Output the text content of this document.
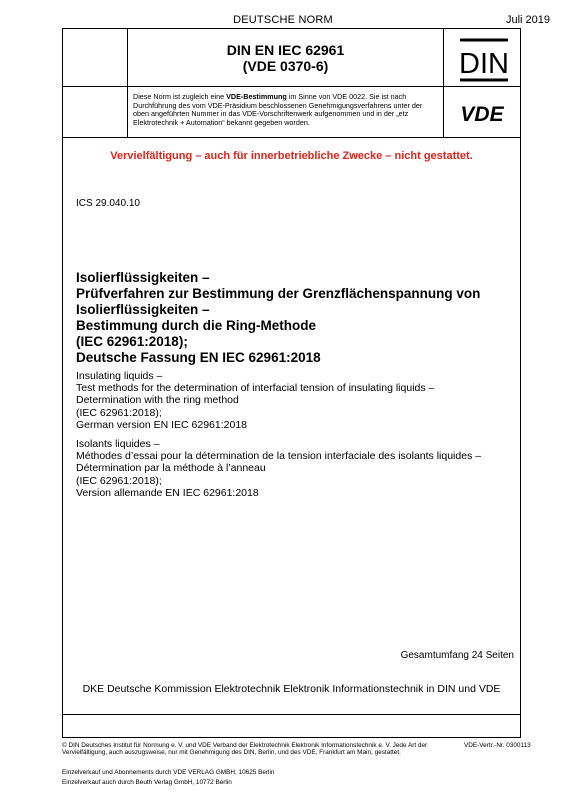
DEUTSCHE NORM	Juli 2019
DIN EN IEC 62961
(VDE 0370-6)	DIN
VDE
Diese Norm ist zugleich eine VDE-Bestimmung im Sinne von VDE 0022. Sie ist nach Durchführung des vom VDE-Präsidium beschlossenen Genehmigungsverfahrens unter der oben angeführten Nummer in das VDE-Vorschriftenwerk aufgenommen und in der „etz Elektrotechnik + Automation“ bekannt gegeben worden.
Vervielfältigung – auch für innerbetriebliche Zwecke – nicht gestattet.
ICS 29.040.10
Isolierflüssigkeiten –
Prüfverfahren zur Bestimmung der Grenzflächenspannung von
Isolierflüssigkeiten –
Bestimmung durch die Ring-Methode
(IEC 62961:2018);
Deutsche Fassung EN IEC 62961:2018
Insulating liquids –
Test methods for the determination of interfacial tension of insulating liquids –
Determination with the ring method
(IEC 62961:2018);
German version EN IEC 62961:2018
Isolants liquides –
Méthodes d’essai pour la détermination de la tension interfaciale des isolants liquides –
Détermination par la méthode à l’anneau
(IEC 62961:2018);
Version allemande EN IEC 62961:2018
Gesamtumfang 24 Seiten
DKE Deutsche Kommission Elektrotechnik Elektronik Informationstechnik in DIN und VDE
© DIN Deutsches Institut für Normung e. V. und VDE Verband der Elektrotechnik Elektronik Informationstechnik e. V. Jede Art der Vervielfältigung, auch auszugsweise, nur mit Genehmigung des DIN, Berlin, und des VDE, Frankfurt am Main, gestattet.
VDE-Vertr.-Nr. 0300113
Einzelverkauf und Abonnements durch VDE VERLAG GMBH, 10625 Berlin
Einzelverkauf auch durch Beuth Verlag GmbH, 10772 Berlin
